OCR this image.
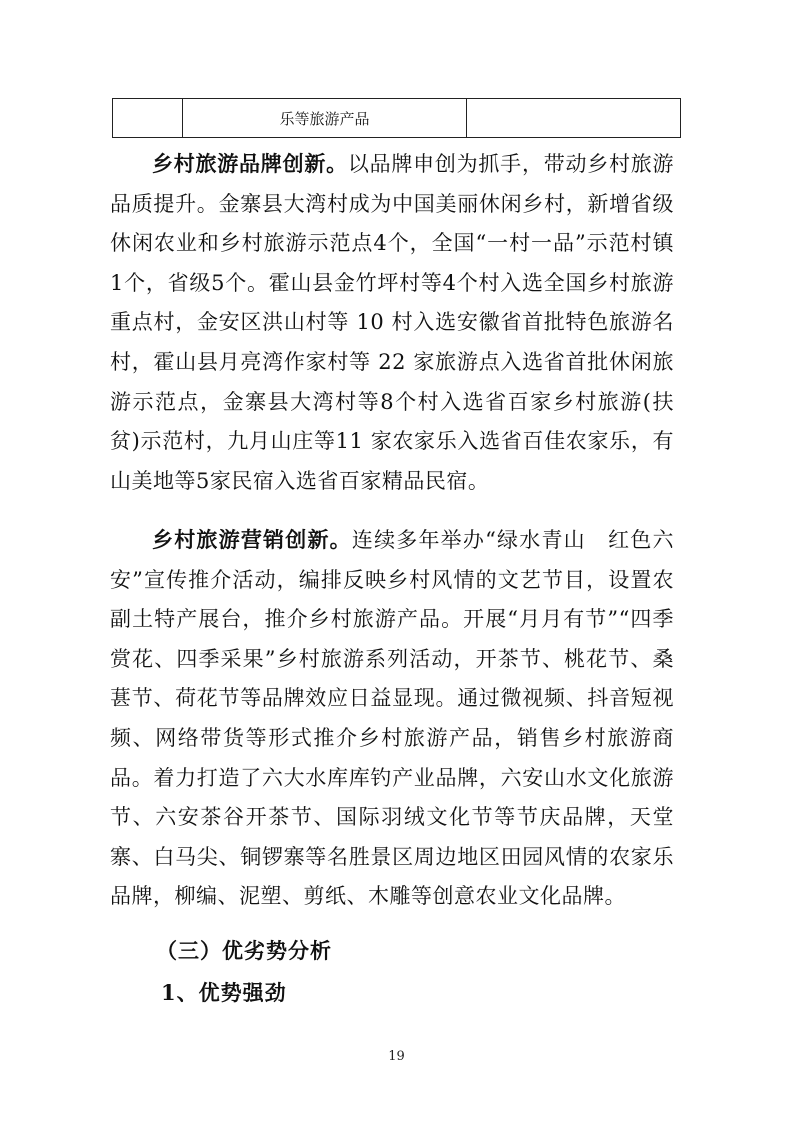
	乐等旅游产品	

乡村旅游品牌创新。以品牌申创为抓手，带动乡村旅游品质提升。金寨县大湾村成为中国美丽休闲乡村，新增省级休闲农业和乡村旅游示范点4个，全国“一村一品”示范村镇1个，省级5个。霍山县金竹坪村等4个村入选全国乡村旅游重点村，金安区洪山村等 10 村入选安徽省首批特色旅游名村，霍山县月亮湾作家村等 22 家旅游点入选省首批休闲旅游示范点，金寨县大湾村等8个村入选省百家乡村旅游(扶贫)示范村，九月山庄等11 家农家乐入选省百佳农家乐，有山美地等5家民宿入选省百家精品民宿。

乡村旅游营销创新。连续多年举办“绿水青山　红色六安”宣传推介活动，编排反映乡村风情的文艺节目，设置农副土特产展台，推介乡村旅游产品。开展“月月有节”“四季赏花、四季采果”乡村旅游系列活动，开茶节、桃花节、桑葚节、荷花节等品牌效应日益显现。通过微视频、抖音短视频、网络带货等形式推介乡村旅游产品，销售乡村旅游商品。着力打造了六大水库库钓产业品牌，六安山水文化旅游节、六安茶谷开茶节、国际羽绒文化节等节庆品牌，天堂寨、白马尖、铜锣寨等名胜景区周边地区田园风情的农家乐品牌，柳编、泥塑、剪纸、木雕等创意农业文化品牌。

（三）优劣势分析
1、优势强劲
19
